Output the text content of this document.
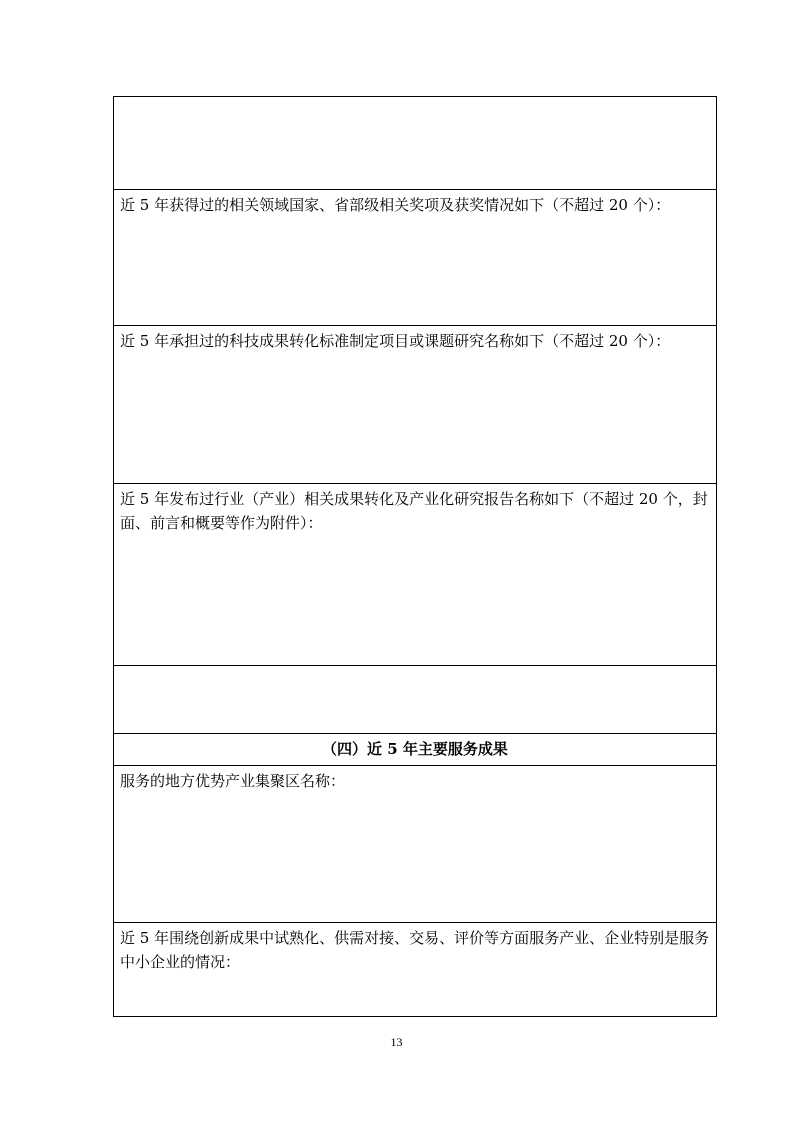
近 5 年获得过的相关领域国家、省部级相关奖项及获奖情况如下（不超过 20 个）：
近 5 年承担过的科技成果转化标准制定项目或课题研究名称如下（不超过 20 个）：
近 5 年发布过行业（产业）相关成果转化及产业化研究报告名称如下（不超过 20 个，封面、前言和概要等作为附件）：
（四）近 5 年主要服务成果
服务的地方优势产业集聚区名称：
近 5 年围绕创新成果中试熟化、供需对接、交易、评价等方面服务产业、企业特别是服务中小企业的情况：
13
